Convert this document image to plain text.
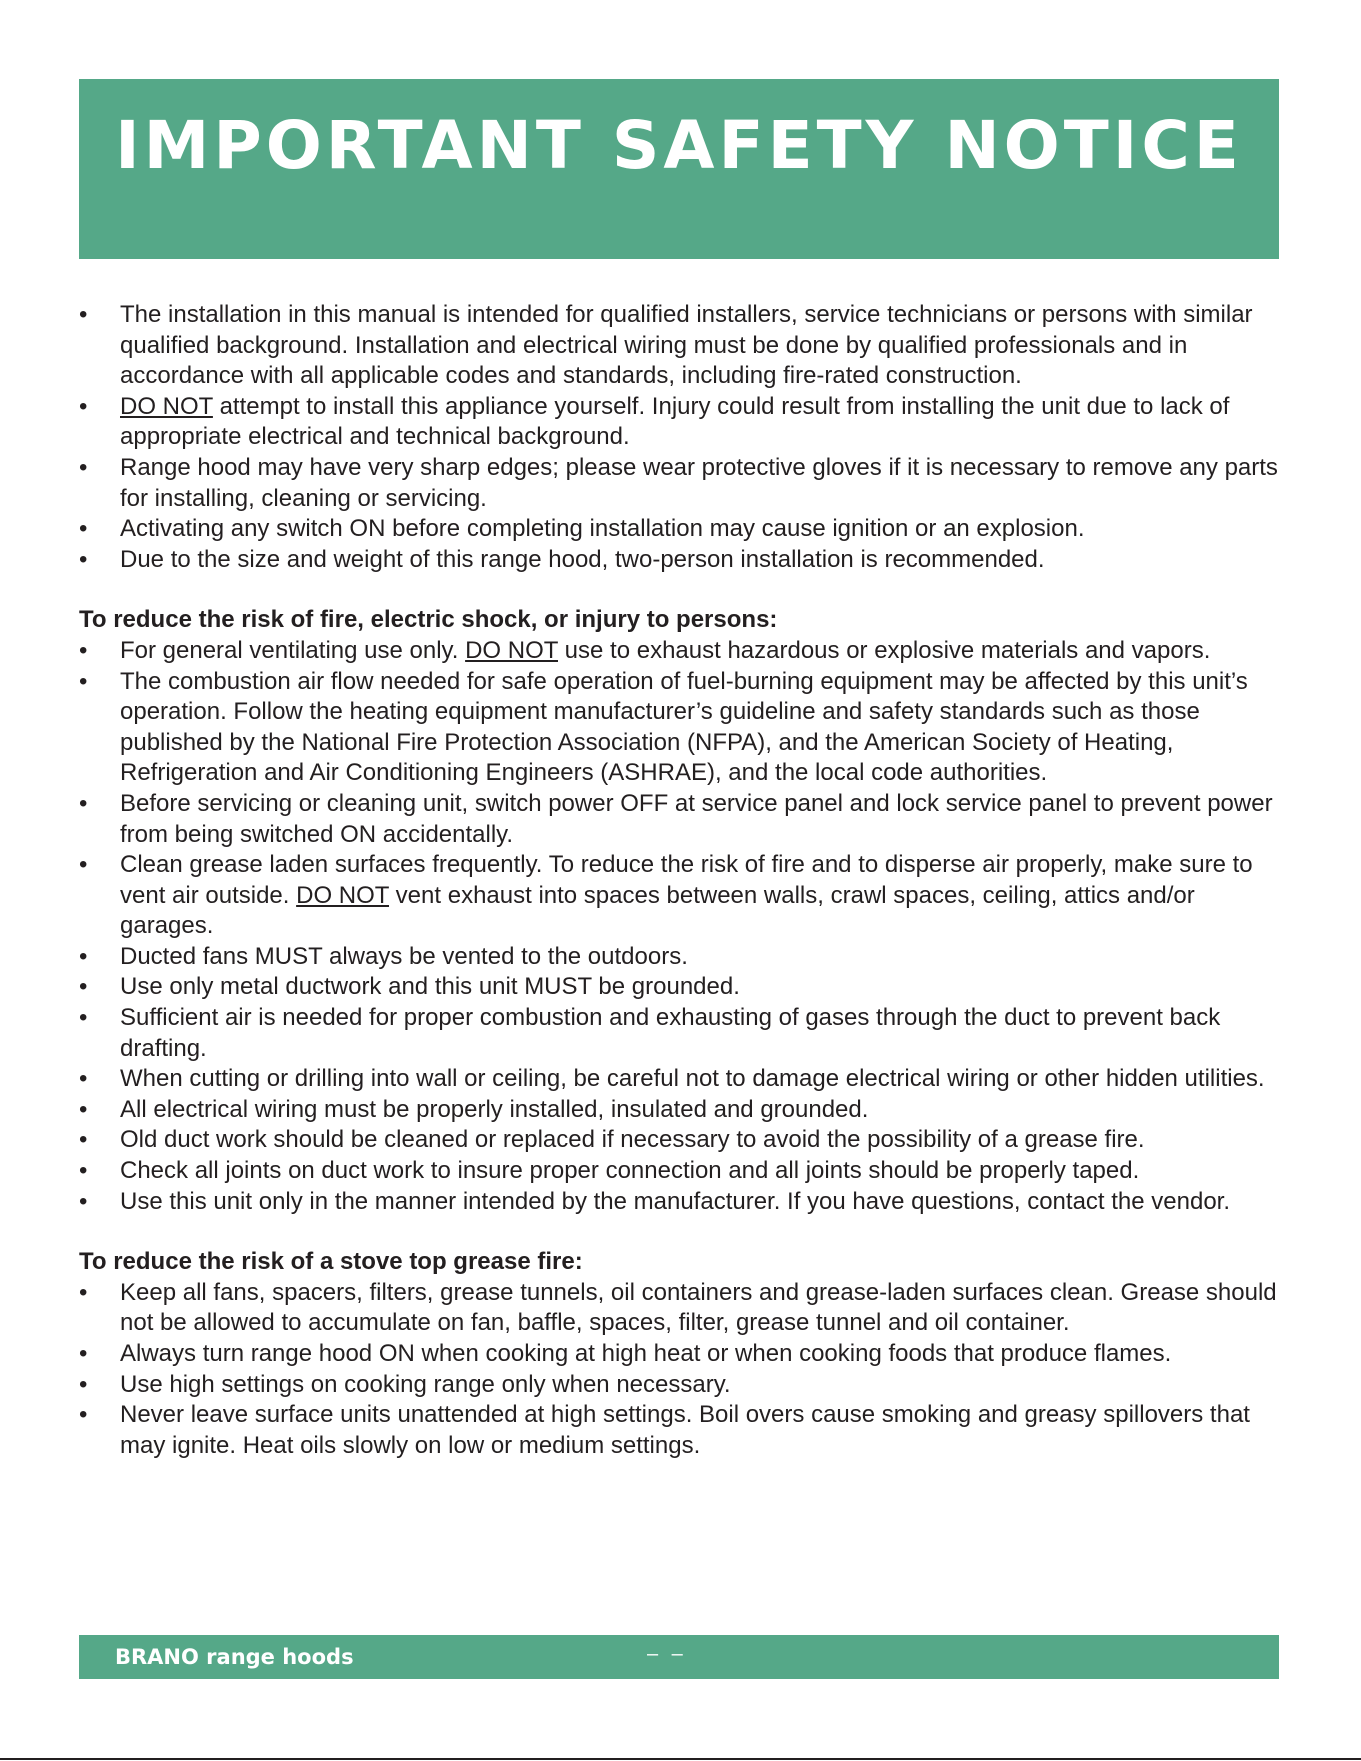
IMPORTANT SAFETY NOTICE
• The installation in this manual is intended for qualified installers, service technicians or persons with similar qualified background. Installation and electrical wiring must be done by qualified professionals and in accordance with all applicable codes and standards, including fire-rated construction.
• DO NOT attempt to install this appliance yourself. Injury could result from installing the unit due to lack of appropriate electrical and technical background.
• Range hood may have very sharp edges; please wear protective gloves if it is necessary to remove any parts for installing, cleaning or servicing.
• Activating any switch ON before completing installation may cause ignition or an explosion.
• Due to the size and weight of this range hood, two-person installation is recommended.
To reduce the risk of fire, electric shock, or injury to persons:
• For general ventilating use only. DO NOT use to exhaust hazardous or explosive materials and vapors.
• The combustion air flow needed for safe operation of fuel-burning equipment may be affected by this unit’s operation. Follow the heating equipment manufacturer’s guideline and safety standards such as those published by the National Fire Protection Association (NFPA), and the American Society of Heating, Refrigeration and Air Conditioning Engineers (ASHRAE), and the local code authorities.
• Before servicing or cleaning unit, switch power OFF at service panel and lock service panel to prevent power from being switched ON accidentally.
• Clean grease laden surfaces frequently. To reduce the risk of fire and to disperse air properly, make sure to vent air outside. DO NOT vent exhaust into spaces between walls, crawl spaces, ceiling, attics and/or garages.
• Ducted fans MUST always be vented to the outdoors.
• Use only metal ductwork and this unit MUST be grounded.
• Sufficient air is needed for proper combustion and exhausting of gases through the duct to prevent back drafting.
• When cutting or drilling into wall or ceiling, be careful not to damage electrical wiring or other hidden utilities.
• All electrical wiring must be properly installed, insulated and grounded.
• Old duct work should be cleaned or replaced if necessary to avoid the possibility of a grease fire.
• Check all joints on duct work to insure proper connection and all joints should be properly taped.
• Use this unit only in the manner intended by the manufacturer. If you have questions, contact the vendor.
To reduce the risk of a stove top grease fire:
• Keep all fans, spacers, filters, grease tunnels, oil containers and grease-laden surfaces clean. Grease should not be allowed to accumulate on fan, baffle, spaces, filter, grease tunnel and oil container.
• Always turn range hood ON when cooking at high heat or when cooking foods that produce flames.
• Use high settings on cooking range only when necessary.
• Never leave surface units unattended at high settings. Boil overs cause smoking and greasy spillovers that may ignite. Heat oils slowly on low or medium settings.
BRANO range hoods	– –
